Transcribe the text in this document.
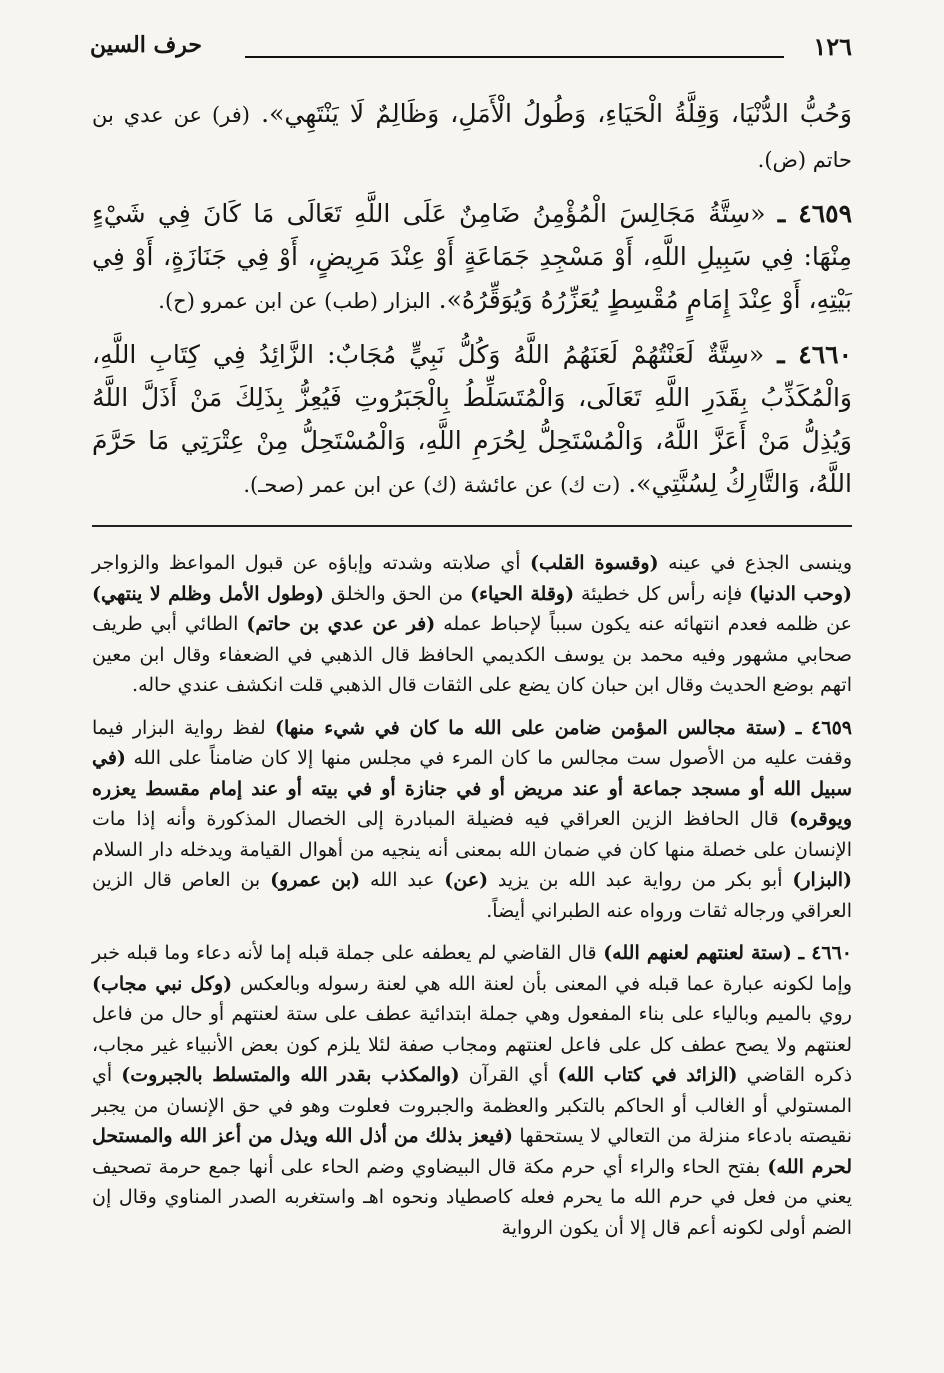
١٢٦
حرف السين

وَحُبُّ الدُّنْيَا، وَقِلَّةُ الْحَيَاءِ، وَطُولُ الْأَمَلِ، وَظَالِمٌ لَا يَنْتَهِي». (فر) عن عدي بن حاتم (ض).

٤٦٥٩ ـ «سِتَّةُ مَجَالِسَ الْمُؤْمِنُ ضَامِنٌ عَلَى اللَّهِ تَعَالَى مَا كَانَ فِي شَيْءٍ مِنْهَا: فِي سَبِيلِ اللَّهِ، أَوْ مَسْجِدِ جَمَاعَةٍ أَوْ عِنْدَ مَرِيضٍ، أَوْ فِي جَنَازَةٍ، أَوْ فِي بَيْتِهِ، أَوْ عِنْدَ إِمَامٍ مُقْسِطٍ يُعَزِّرُهُ وَيُوَقِّرُهُ». البزار (طب) عن ابن عمرو (ح).

٤٦٦٠ ـ «سِتَّةٌ لَعَنْتُهُمْ لَعَنَهُمُ اللَّهُ وَكُلُّ نَبِيٍّ مُجَابٌ: الزَّائِدُ فِي كِتَابِ اللَّهِ، وَالْمُكَذِّبُ بِقَدَرِ اللَّهِ تَعَالَى، وَالْمُتَسَلِّطُ بِالْجَبَرُوتِ فَيُعِزُّ بِذَلِكَ مَنْ أَذَلَّ اللَّهُ وَيُذِلُّ مَنْ أَعَزَّ اللَّهُ، وَالْمُسْتَحِلُّ لِحُرَمِ اللَّهِ، وَالْمُسْتَحِلُّ مِنْ عِتْرَتِي مَا حَرَّمَ اللَّهُ، وَالتَّارِكُ لِسُنَّتِي». (ت ك) عن عائشة (ك) عن ابن عمر (صحـ).

وينسى الجذع في عينه (وقسوة القلب) أي صلابته وشدته وإباؤه عن قبول المواعظ والزواجر (وحب الدنيا) فإنه رأس كل خطيئة (وقلة الحياء) من الحق والخلق (وطول الأمل وظلم لا ينتهي) عن ظلمه فعدم انتهائه عنه يكون سبباً لإحباط عمله (فر عن عدي بن حاتم) الطائي أبي طريف صحابي مشهور وفيه محمد بن يوسف الكديمي الحافظ قال الذهبي في الضعفاء وقال ابن معين اتهم بوضع الحديث وقال ابن حبان كان يضع على الثقات قال الذهبي قلت انكشف عندي حاله.

٤٦٥٩ ـ (ستة مجالس المؤمن ضامن على الله ما كان في شيء منها) لفظ رواية البزار فيما وقفت عليه من الأصول ست مجالس ما كان المرء في مجلس منها إلا كان ضامناً على الله (في سبيل الله أو مسجد جماعة أو عند مريض أو في جنازة أو في بيته أو عند إمام مقسط يعزره ويوقره) قال الحافظ الزين العراقي فيه فضيلة المبادرة إلى الخصال المذكورة وأنه إذا مات الإنسان على خصلة منها كان في ضمان الله بمعنى أنه ينجيه من أهوال القيامة ويدخله دار السلام (البزار) أبو بكر من رواية عبد الله بن يزيد (عن) عبد الله (بن عمرو) بن العاص قال الزين العراقي ورجاله ثقات ورواه عنه الطبراني أيضاً.

٤٦٦٠ ـ (ستة لعنتهم لعنهم الله) قال القاضي لم يعطفه على جملة قبله إما لأنه دعاء وما قبله خبر وإما لكونه عبارة عما قبله في المعنى بأن لعنة الله هي لعنة رسوله وبالعكس (وكل نبي مجاب) روي بالميم وبالياء على بناء المفعول وهي جملة ابتدائية عطف على ستة لعنتهم أو حال من فاعل لعنتهم ولا يصح عطف كل على فاعل لعنتهم ومجاب صفة لئلا يلزم كون بعض الأنبياء غير مجاب، ذكره القاضي (الزائد في كتاب الله) أي القرآن (والمكذب بقدر الله والمتسلط بالجبروت) أي المستولي أو الغالب أو الحاكم بالتكبر والعظمة والجبروت فعلوت وهو في حق الإنسان من يجبر نقيصته بادعاء منزلة من التعالي لا يستحقها (فيعز بذلك من أذل الله ويذل من أعز الله والمستحل لحرم الله) بفتح الحاء والراء أي حرم مكة قال البيضاوي وضم الحاء على أنها جمع حرمة تصحيف يعني من فعل في حرم الله ما يحرم فعله كاصطياد ونحوه اهـ واستغربه الصدر المناوي وقال إن الضم أولى لكونه أعم قال إلا أن يكون الرواية
